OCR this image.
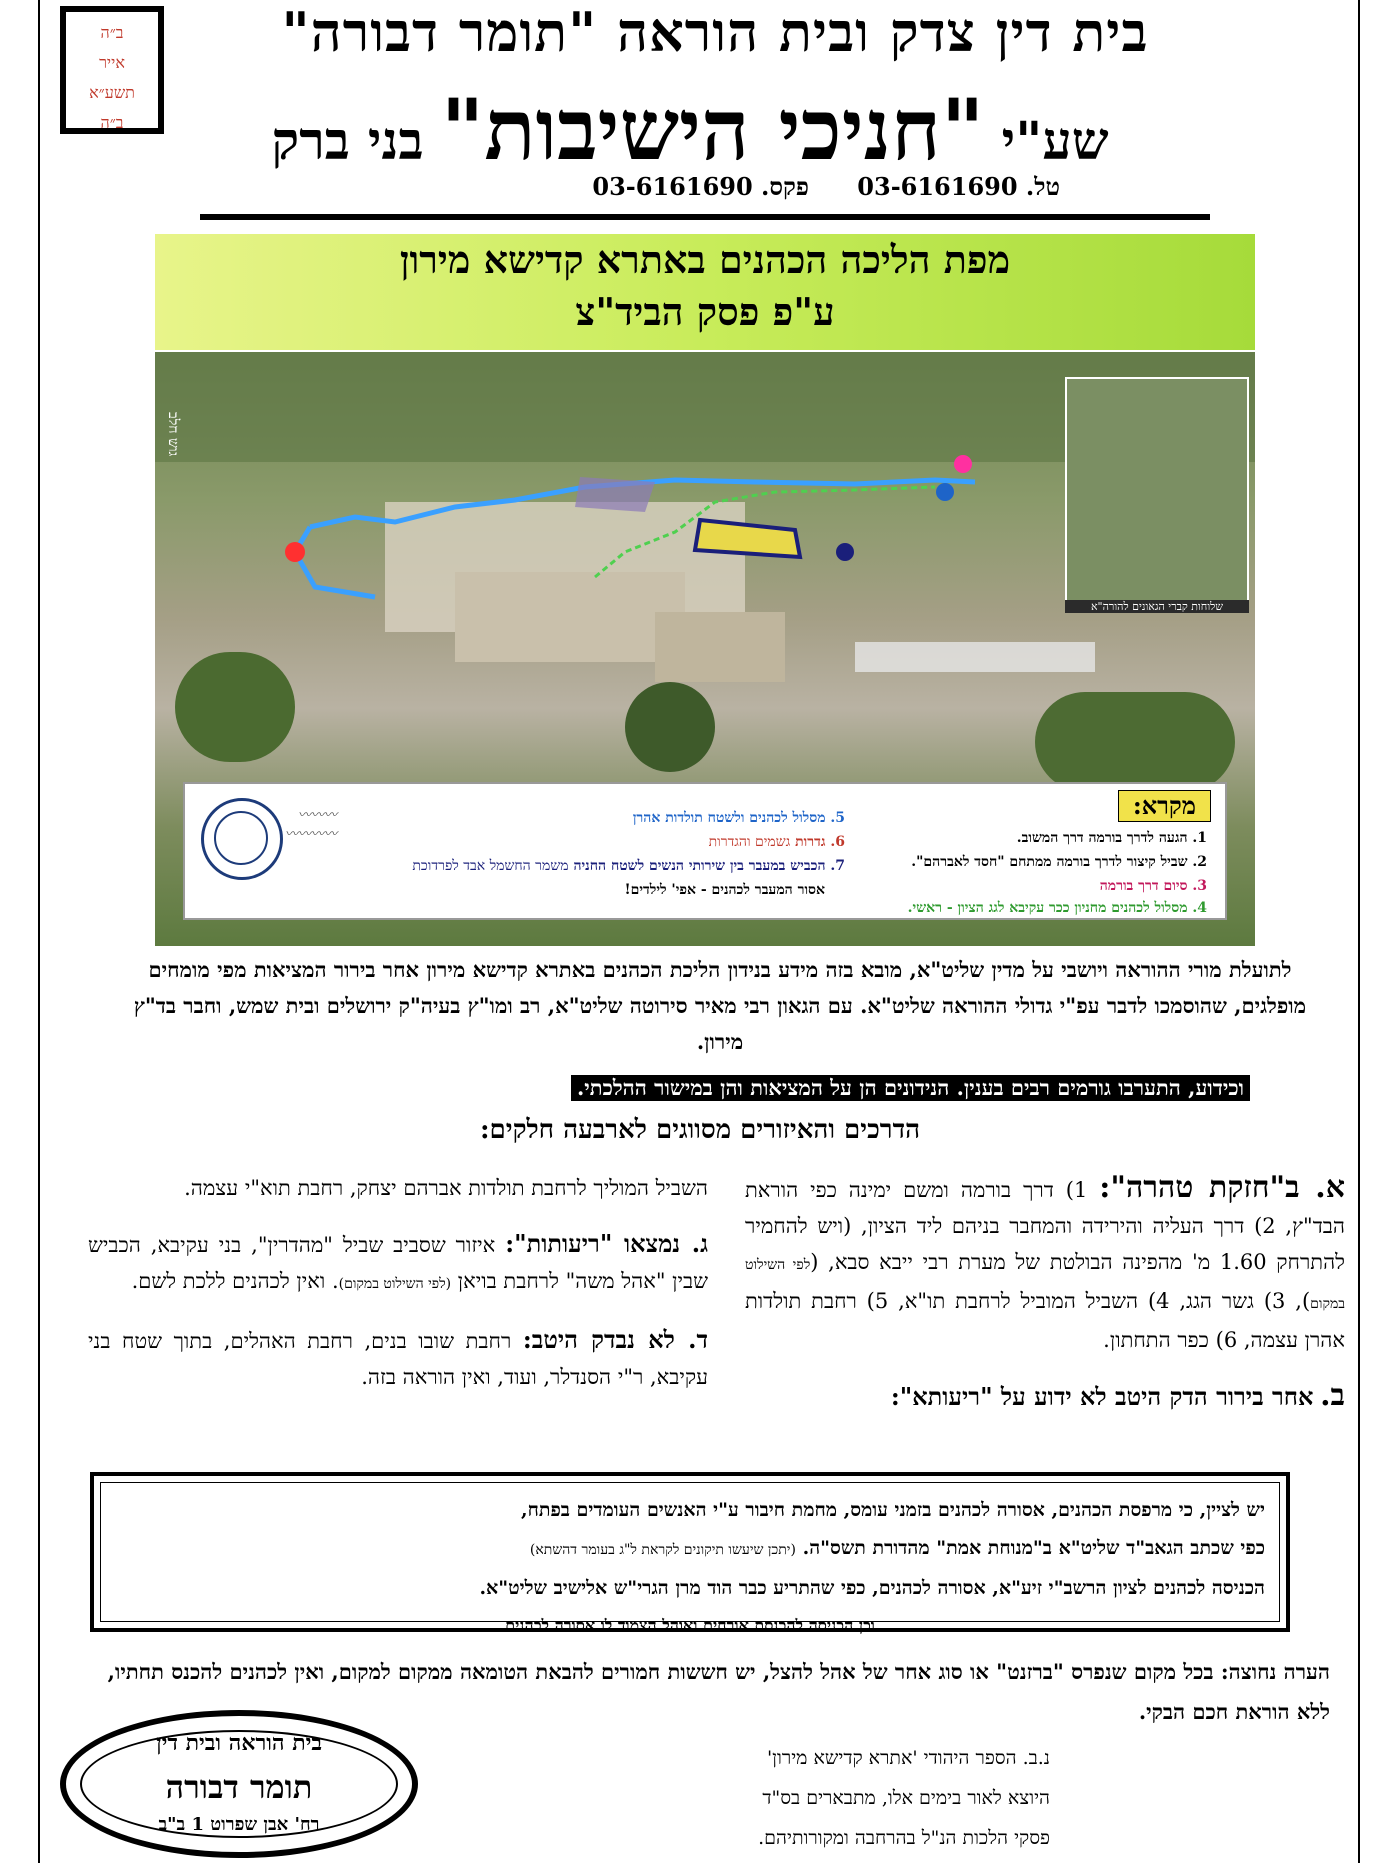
ב״ה
אייר
תשע״א
ב״ה
בית דין צדק ובית הוראה "תומר דבורה"
שע"י "חניכי הישיבות" בני ברק
טל. 03-6161690 פקס. 03-6161690
מפת הליכה הכהנים באתרא קדישא מירון
ע"פ פסק הביד"צ
גוש חלב
שלוחות קברי הגאונים להורה"א
מקרא:
1. הגעה לדרך בורמה דרך המשוב.
2. שביל קיצור לדרך בורמה ממתחם "חסד לאברהם".
3. סיום דרך בורמה
4. מסלול לכהנים מחניון ככר עקיבא לגג הציון - ראשי.
5. מסלול לכהנים ולשטח תולדות אהרן
6. גדרות גשמים והגדרות
7. הכביש במעבר בין שירותי הנשים לשטח החניה משמר החשמל אבד לפרדוכת
אסור המעבר לכהנים - אפי' לילדים!
〰〰〰
〰〰〰〰
לתועלת מורי ההוראה ויושבי על מדין שליט"א, מובא בזה מידע בנידון הליכת הכהנים באתרא קדישא מירון אחר בירור המציאות מפי מומחים מופלגים, שהוסמכו לדבר עפ"י גדולי ההוראה שליט"א. עם הגאון רבי מאיר סירוטה שליט"א, רב ומו"ץ בעיה"ק ירושלים ובית שמש, וחבר בד"ץ מירון.
וכידוע, התערבו גורמים רבים בענין. הנידונים הן על המציאות והן במישור ההלכתי.
הדרכים והאיזורים מסווגים לארבעה חלקים:

א. ב"חזקת טהרה": 1) דרך בורמה ומשם ימינה כפי הוראת הבד"ץ, 2) דרך העליה והירידה והמחבר בניהם ליד הציון, (ויש להחמיר להתרחק 1.60 מ' מהפינה הבולטת של מערת רבי ייבא סבא, (לפי השילוט במקום), 3) גשר הגג, 4) השביל המוביל לרחבת תו"א, 5) רחבת תולדות אהרן עצמה, 6) כפר התחתון.

ב. אחר בירור הדק היטב לא ידוע על "ריעותא":

השביל המוליך לרחבת תולדות אברהם יצחק, רחבת תוא"י עצמה.

ג. נמצאו "ריעותות": איזור שסביב שביל "מהדרין", בני עקיבא, הכביש שבין "אהל משה" לרחבת בויאן (לפי השילוט במקום). ואין לכהנים ללכת לשם.

ד. לא נבדק היטב: רחבת שובו בנים, רחבת האהלים, בתוך שטח בני עקיבא, ר"י הסנדלר, ועוד, ואין הוראה בזה.

יש לציין, כי מרפסת הכהנים, אסורה לכהנים בזמני עומס, מחמת חיבור ע"י האנשים העומדים בפתח,
כפי שכתב הגאב"ד שליט"א ב"מנוחת אמת" מהדורת תשס"ה. (יתכן שיעשו תיקונים לקראת ל"ג בעומר דהשתא)
הכניסה לכהנים לציון הרשב"י זיע"א, אסורה לכהנים, כפי שהתריע כבר הוד מרן הגרי"ש אלישיב שליט"א.
וכן הכניסה להכנסת אורחים ואוהל הצמוד לו אסורה לכהנים
הערה נחוצה: בכל מקום שנפרס "ברזנט" או סוג אחר של אהל להצל, יש חששות חמורים להבאת הטומאה ממקום למקום, ואין לכהנים להכנס תחתיו, ללא הוראת חכם הבקי.
בית הוראה ובית דין
תומר דבורה
רח' אבן שפרוט 1 ב"ב
נ.ב. הספר היהודי 'אתרא קדישא מירון'
היוצא לאור בימים אלו, מתבארים בס"ד
פסקי הלכות הנ"ל בהרחבה ומקורותיהם.
